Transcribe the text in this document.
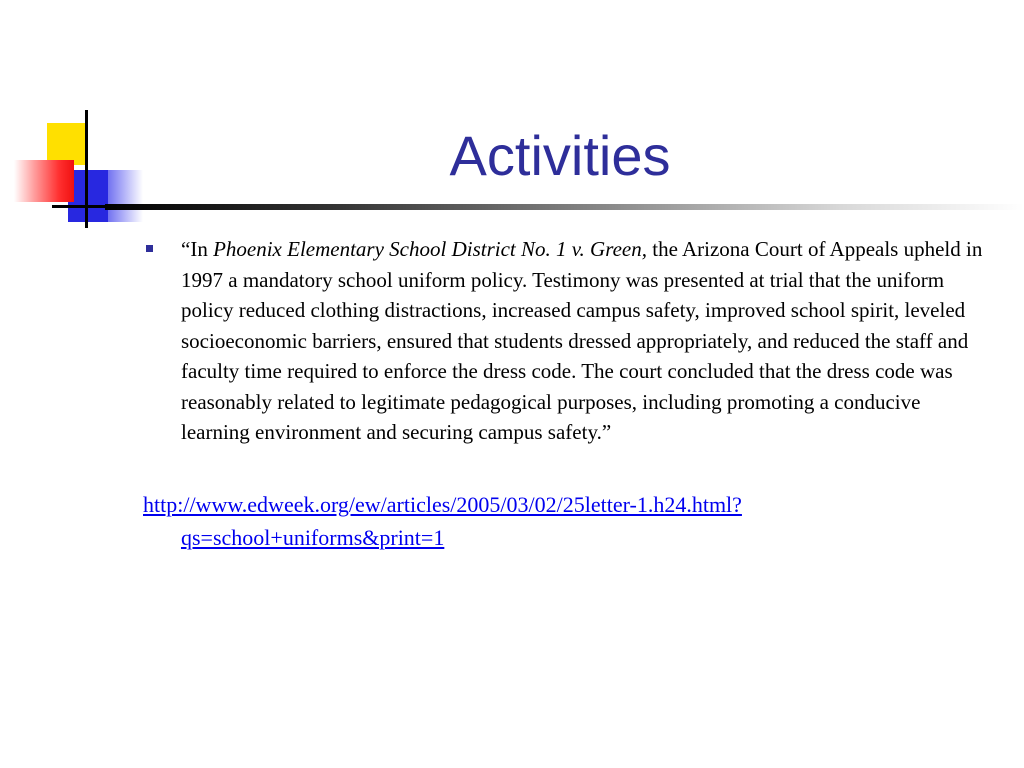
Activities
“In Phoenix Elementary School District No. 1 v. Green, the Arizona Court of Appeals upheld in 1997 a mandatory school uniform policy. Testimony was presented at trial that the uniform policy reduced clothing distractions, increased campus safety, improved school spirit, leveled socioeconomic barriers, ensured that students dressed appropriately, and reduced the staff and faculty time required to enforce the dress code. The court concluded that the dress code was reasonably related to legitimate pedagogical purposes, including promoting a conducive learning environment and securing campus safety.”
http://www.edweek.org/ew/articles/2005/03/02/25letter-1.h24.html?qs=school+uniforms&print=1
